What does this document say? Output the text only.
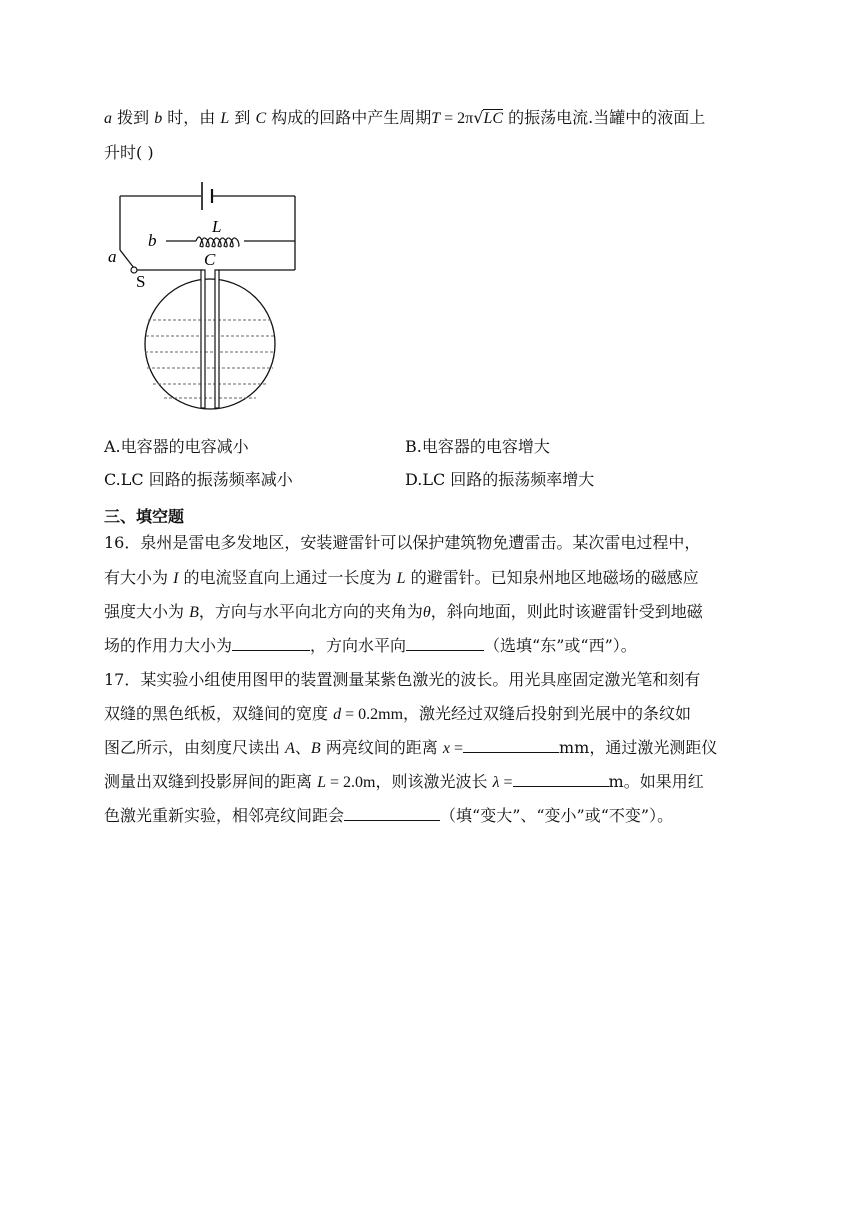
a 拨到 b 时，由 L 到 C 构成的回路中产生周期T = 2π√LC 的振荡电流.当罐中的液面上
升时( )
L
b
a	C
S
A.电容器的电容减小	B.电容器的电容增大
C.LC 回路的振荡频率减小	D.LC 回路的振荡频率增大
三、填空题
16．泉州是雷电多发地区，安装避雷针可以保护建筑物免遭雷击。某次雷电过程中，
有大小为 I 的电流竖直向上通过一长度为 L 的避雷针。已知泉州地区地磁场的磁感应
强度大小为 B，方向与水平向北方向的夹角为θ，斜向地面，则此时该避雷针受到地磁
场的作用力大小为	，方向水平向	（选填“东”或“西”）。
17．某实验小组使用图甲的装置测量某紫色激光的波长。用光具座固定激光笔和刻有
双缝的黑色纸板，双缝间的宽度 d = 0.2mm，激光经过双缝后投射到光展中的条纹如
图乙所示，由刻度尺读出 A、B 两亮纹间的距离 x =	mm，通过激光测距仪
测量出双缝到投影屏间的距离 L = 2.0m，则该激光波长 λ =	m。如果用红
色激光重新实验，相邻亮纹间距会	（填“变大”、“变小”或“不变”）。
